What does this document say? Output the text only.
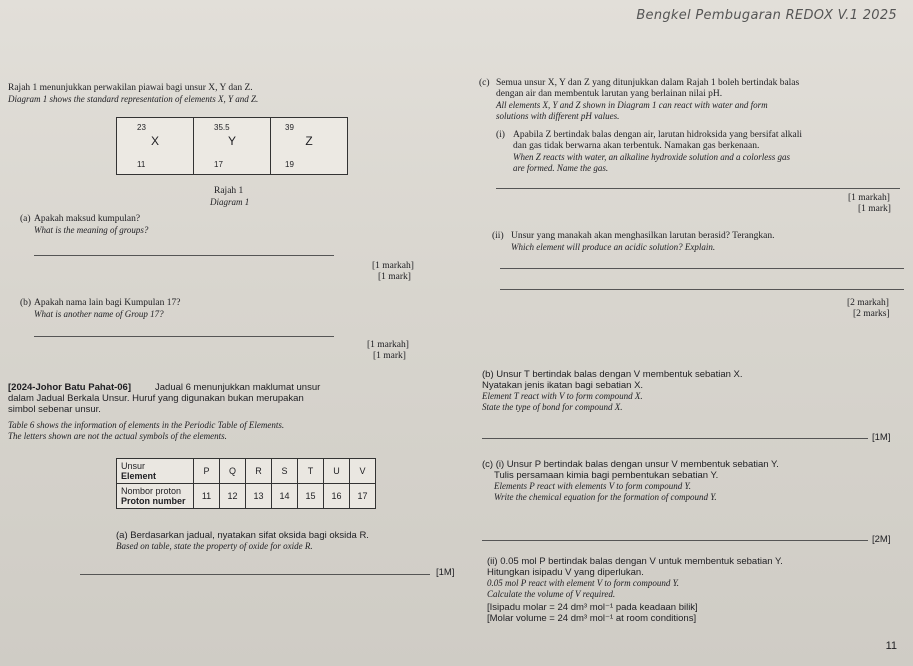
Bengkel Pembugaran REDOX V.1 2025
Rajah 1 menunjukkan perwakilan piawai bagi unsur X, Y dan Z.
Diagram 1 shows the standard representation of elements X, Y and Z.
23
X
11
35.5
Y
17
39
Z
19
Rajah 1
Diagram 1
(a) Apakah maksud kumpulan?
What is the meaning of groups?
[1 markah]
[1 mark]
(b) Apakah nama lain bagi Kumpulan 17?
What is another name of Group 17?
[1 markah]
[1 mark]
(c) Semua unsur X, Y dan Z yang ditunjukkan dalam Rajah 1 boleh bertindak balas
dengan air dan membentuk larutan yang berlainan nilai pH.
All elements X, Y and Z shown in Diagram 1 can react with water and form
solutions with different pH values.
(i) Apabila Z bertindak balas dengan air, larutan hidroksida yang bersifat alkali
dan gas tidak berwarna akan terbentuk. Namakan gas berkenaan.
When Z reacts with water, an alkaline hydroxide solution and a colorless gas
are formed. Name the gas.
[1 markah]
[1 mark]
(ii) Unsur yang manakah akan menghasilkan larutan berasid? Terangkan.
Which element will produce an acidic solution? Explain.
[2 markah]
[2 marks]
[2024-Johor Batu Pahat-06]	Jadual 6 menunjukkan maklumat unsur
dalam Jadual Berkala Unsur. Huruf yang digunakan bukan merupakan
simbol sebenar unsur.
Table 6 shows the information of elements in the Periodic Table of Elements.
The letters shown are not the actual symbols of the elements.
Unsur
Element	P	Q	R	S	T	U	V

Nombor proton
Proton number	11	12	13	14	15	16	17
(a) Berdasarkan jadual, nyatakan sifat oksida bagi oksida R.
Based on table, state the property of oxide for oxide R.
[1M]
(b) Unsur T bertindak balas dengan V membentuk sebatian X.
Nyatakan jenis ikatan bagi sebatian X.
Element T react with V to form compound X.
State the type of bond for compound X.
[1M]
(c) (i) Unsur P bertindak balas dengan unsur V membentuk sebatian Y.
Tulis persamaan kimia bagi pembentukan sebatian Y.
Elements P react with elements V to form compound Y.
Write the chemical equation for the formation of compound Y.
[2M]
(ii) 0.05 mol P bertindak balas dengan V untuk membentuk sebatian Y.
Hitungkan isipadu V yang diperlukan.
0.05 mol P react with element V to form compound Y.
Calculate the volume of V required.
[Isipadu molar = 24 dm³ mol⁻¹ pada keadaan bilik]
[Molar volume = 24 dm³ mol⁻¹ at room conditions]
11
